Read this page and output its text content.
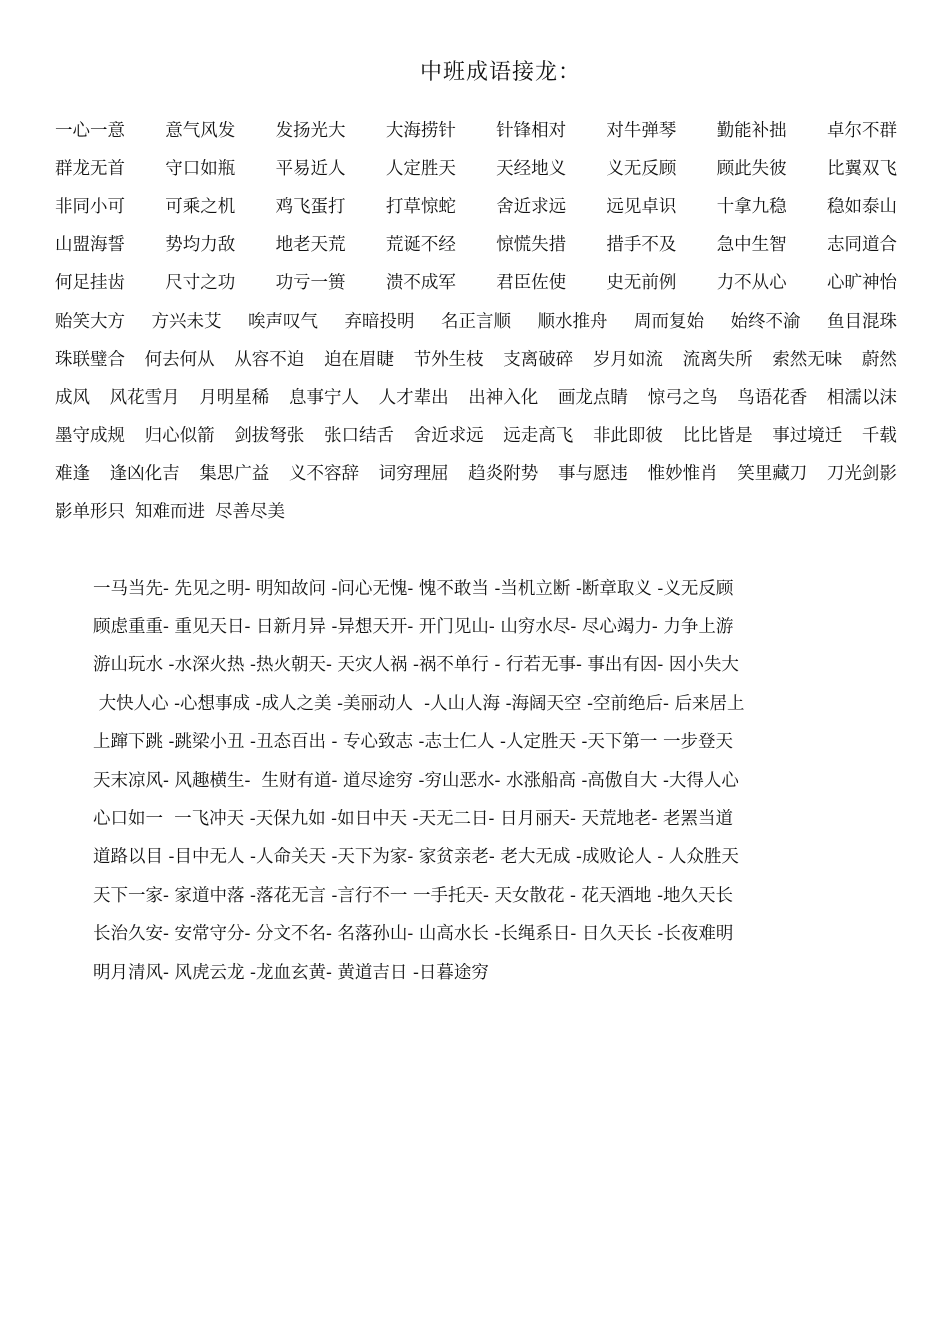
中班成语接龙：
一心一意 意气风发 发扬光大 大海捞针 针锋相对 对牛弹琴 勤能补拙 卓尔不群
群龙无首 守口如瓶 平易近人 人定胜天 天经地义 义无反顾 顾此失彼 比翼双飞
非同小可 可乘之机 鸡飞蛋打 打草惊蛇 舍近求远 远见卓识 十拿九稳 稳如泰山
山盟海誓 势均力敌 地老天荒 荒诞不经 惊慌失措 措手不及 急中生智 志同道合
何足挂齿 尺寸之功 功亏一篑 溃不成军 君臣佐使 史无前例 力不从心 心旷神怡
贻笑大方 方兴未艾 唉声叹气 弃暗投明 名正言顺 顺水推舟 周而复始 始终不渝 鱼目混珠
珠联璧合 何去何从 从容不迫 迫在眉睫 节外生枝 支离破碎 岁月如流 流离失所 索然无味 蔚然
成风 风花雪月 月明星稀 息事宁人 人才辈出 出神入化 画龙点睛 惊弓之鸟 鸟语花香 相濡以沫
墨守成规 归心似箭 剑拔弩张 张口结舌 舍近求远 远走高飞 非此即彼 比比皆是 事过境迁 千载
难逢 逢凶化吉 集思广益 义不容辞 词穷理屈 趋炎附势 事与愿违 惟妙惟肖 笑里藏刀 刀光剑影
影单形只 知难而进 尽善尽美
一马当先- 先见之明- 明知故问 -问心无愧- 愧不敢当 -当机立断 -断章取义 -义无反顾
顾虑重重- 重见天日- 日新月异 -异想天开- 开门见山- 山穷水尽- 尽心竭力- 力争上游
游山玩水 -水深火热 -热火朝天- 天灾人祸 -祸不单行 - 行若无事- 事出有因- 因小失大
大快人心 -心想事成 -成人之美 -美丽动人  -人山人海 -海阔天空 -空前绝后- 后来居上
上蹿下跳 -跳梁小丑 -丑态百出 - 专心致志 -志士仁人 -人定胜天 -天下第一 一步登天
天末凉风- 风趣横生-  生财有道- 道尽途穷 -穷山恶水- 水涨船高 -高傲自大 -大得人心
心口如一  一飞冲天 -天保九如 -如日中天 -天无二日- 日月丽天- 天荒地老- 老罴当道
道路以目 -目中无人 -人命关天 -天下为家- 家贫亲老- 老大无成 -成败论人 - 人众胜天
天下一家- 家道中落 -落花无言 -言行不一 一手托天- 天女散花 - 花天酒地 -地久天长
长治久安- 安常守分- 分文不名- 名落孙山- 山高水长 -长绳系日- 日久天长 -长夜难明
明月清风- 风虎云龙 -龙血玄黄- 黄道吉日 -日暮途穷
